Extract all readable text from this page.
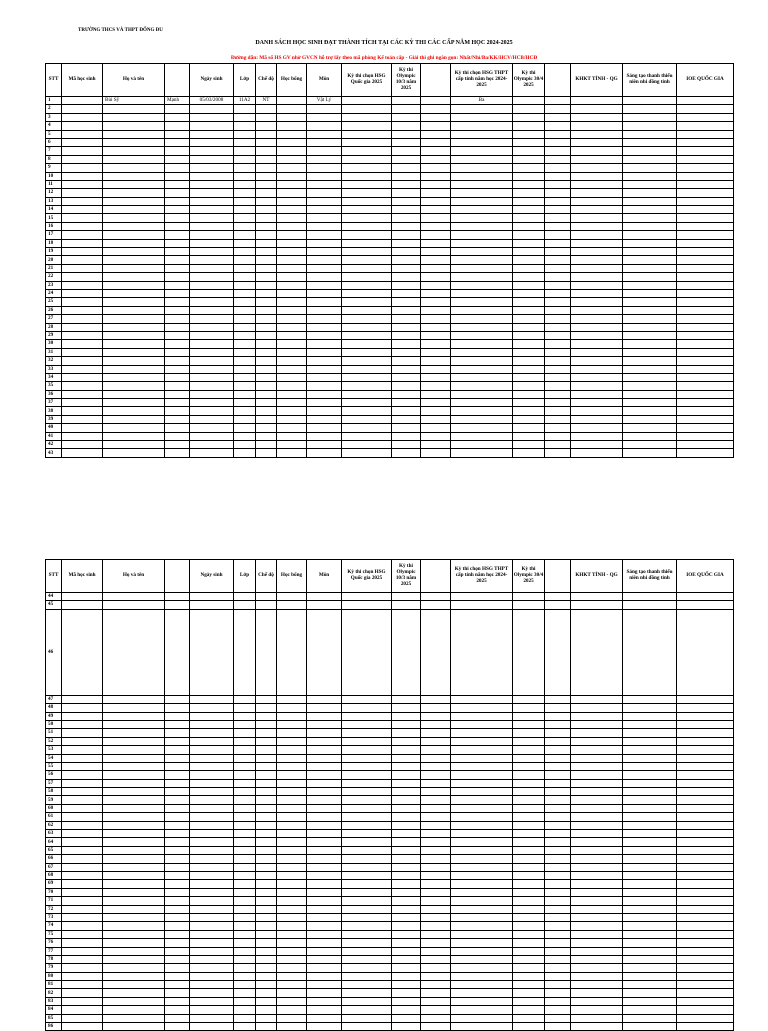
TRƯỜNG THCS VÀ THPT ĐỐNG ĐU
DANH SÁCH HỌC SINH ĐẠT THÀNH TÍCH TẠI CÁC KỲ THI CÁC CẤP NĂM HỌC 2024-2025
Đường dẫn: Mã số HS GV nhờ GVCN hỗ trợ lấy theo mã phòng Kế toán cấp - Giải thì ghi ngắn gọn: Nhất/Nhì/Ba/KK/HCV/HCB/HCĐ
STT	Mã học sinh	Họ và tên		Ngày sinh	Lớp	Chế độ	Học bổng	Môn	Kỳ thi chọn HSG Quốc gia 2025	Kỳ thi Olympic 10/3 năm 2025		Kỳ thi chọn HSG THPT cấp tỉnh năm học 2024-2025	Kỳ thi Olympic 30/4 2025		KHKT TỈNH - QG	Sáng tạo thanh thiếu niên nhi đồng tỉnh	IOE QUỐC GIA
1		Bùi Sỹ	Mạnh	05/03/2008	11A2	NT		Vật Lý				Ba					
2																	
3																	
4																	
5																	
6																	
7																	
8																	
9																	
10																	
11																	
12																	
13																	
14																	
15																	
16																	
17																	
18																	
19																	
20																	
21																	
22																	
23																	
24																	
25																	
26																	
27																	
28																	
29																	
30																	
31																	
32																	
33																	
34																	
35																	
36																	
37																	
38																	
39																	
40																	
41																	
42																	
43																	
STT	Mã học sinh	Họ và tên		Ngày sinh	Lớp	Chế độ	Học bổng	Môn	Kỳ thi chọn HSG Quốc gia 2025	Kỳ thi Olympic 10/3 năm 2025		Kỳ thi chọn HSG THPT cấp tỉnh năm học 2024-2025	Kỳ thi Olympic 30/4 2025		KHKT TỈNH - QG	Sáng tạo thanh thiếu niên nhi đồng tỉnh	IOE QUỐC GIA
44																	
45																	
46																	
47																	
48																	
49																	
50																	
51																	
52																	
53																	
54																	
55																	
56																	
57																	
58																	
59																	
60																	
61																	
62																	
63																	
64																	
65																	
66																	
67																	
68																	
69																	
70																	
71																	
72																	
73																	
74																	
75																	
76																	
77																	
78																	
79																	
80																	
81																	
82																	
83																	
84																	
85																	
86																	
